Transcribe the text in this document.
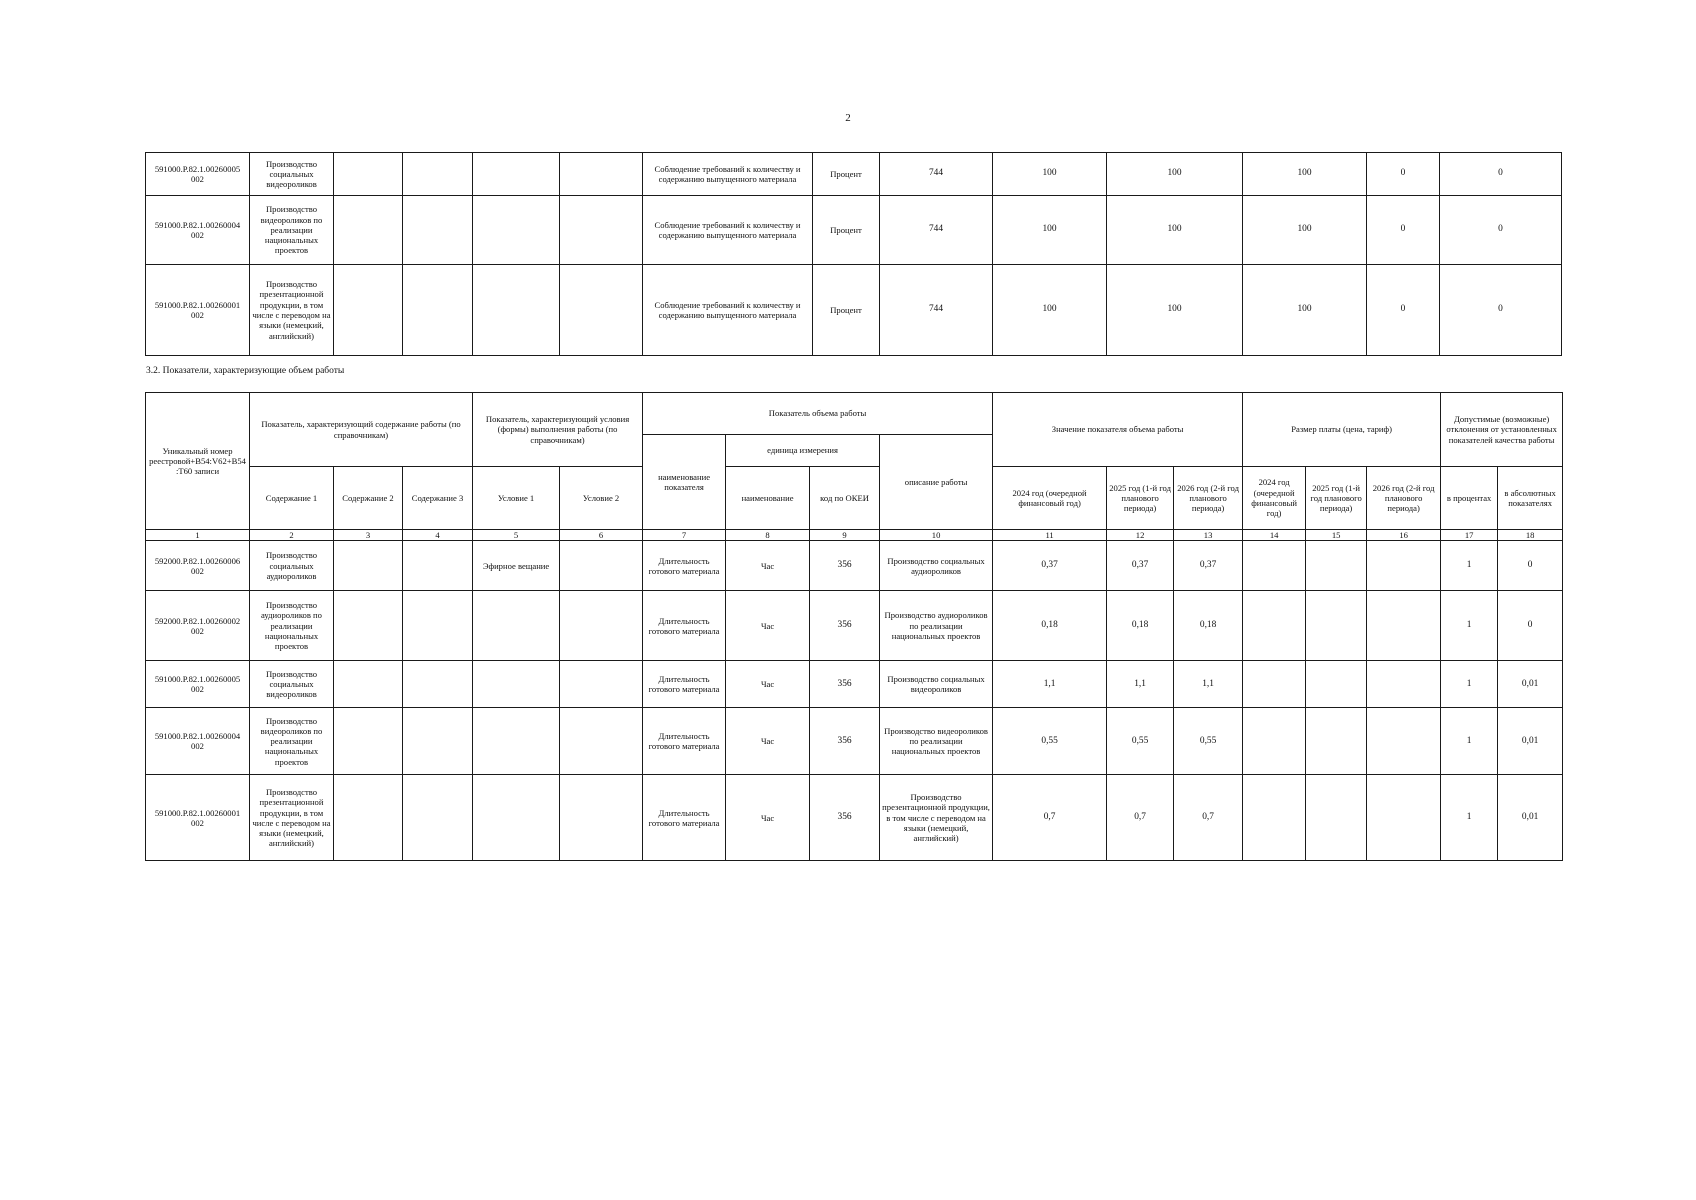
2
591000.Р.82.1.00260005 002	Производство социальных видеороликов					Соблюдение требований к количеству и содержанию выпущенного материала	Процент	744	100	100	100	0	0
591000.Р.82.1.00260004 002	Производство видеороликов по реализации национальных проектов					Соблюдение требований к количеству и содержанию выпущенного материала	Процент	744	100	100	100	0	0
591000.Р.82.1.00260001 002	Производство презентационной продукции, в том числе с переводом на языки (немецкий, английский)					Соблюдение требований к количеству и содержанию выпущенного материала	Процент	744	100	100	100	0	0
3.2. Показатели, характеризующие объем работы
Уникальный номер реестровой+B54:V62+B54:T60 записи	Показатель, характеризующий содержание работы (по справочникам)			Показатель, характеризующий условия (формы) выполнения работы (по справочникам)		Показатель объема работы				Значение показателя объема работы			Размер платы (цена, тариф)			Допустимые (возможные) отклонения от установленных показателей качества работы	
						наименование показателя	единица измерения		описание работы								
	Содержание 1	Содержание 2	Содержание 3	Условие 1	Условие 2		наименование	код по ОКЕИ		2024 год (очередной финансовый год)	2025 год (1-й год планового периода)	2026 год (2-й год планового периода)	2024 год (очередной финансовый год)	2025 год (1-й год планового периода)	2026 год (2-й год планового периода)	в процентах	в абсолютных показателях
1	2	3	4	5	6	7	8	9	10	11	12	13	14	15	16	17	18
592000.Р.82.1.00260006 002	Производство социальных аудиороликов			Эфирное вещание		Длительность готового материала	Час	356	Производство социальных аудиороликов	0,37	0,37	0,37				1	0
592000.Р.82.1.00260002 002	Производство аудиороликов по реализации национальных проектов					Длительность готового материала	Час	356	Производство аудиороликов по реализации национальных проектов	0,18	0,18	0,18				1	0
591000.Р.82.1.00260005 002	Производство социальных видеороликов					Длительность готового материала	Час	356	Производство социальных видеороликов	1,1	1,1	1,1				1	0,01
591000.Р.82.1.00260004 002	Производство видеороликов по реализации национальных проектов					Длительность готового материала	Час	356	Производство видеороликов по реализации национальных проектов	0,55	0,55	0,55				1	0,01
591000.Р.82.1.00260001 002	Производство презентационной продукции, в том числе с переводом на языки (немецкий, английский)					Длительность готового материала	Час	356	Производство презентационной продукции, в том числе с переводом на языки (немецкий, английский)	0,7	0,7	0,7				1	0,01
